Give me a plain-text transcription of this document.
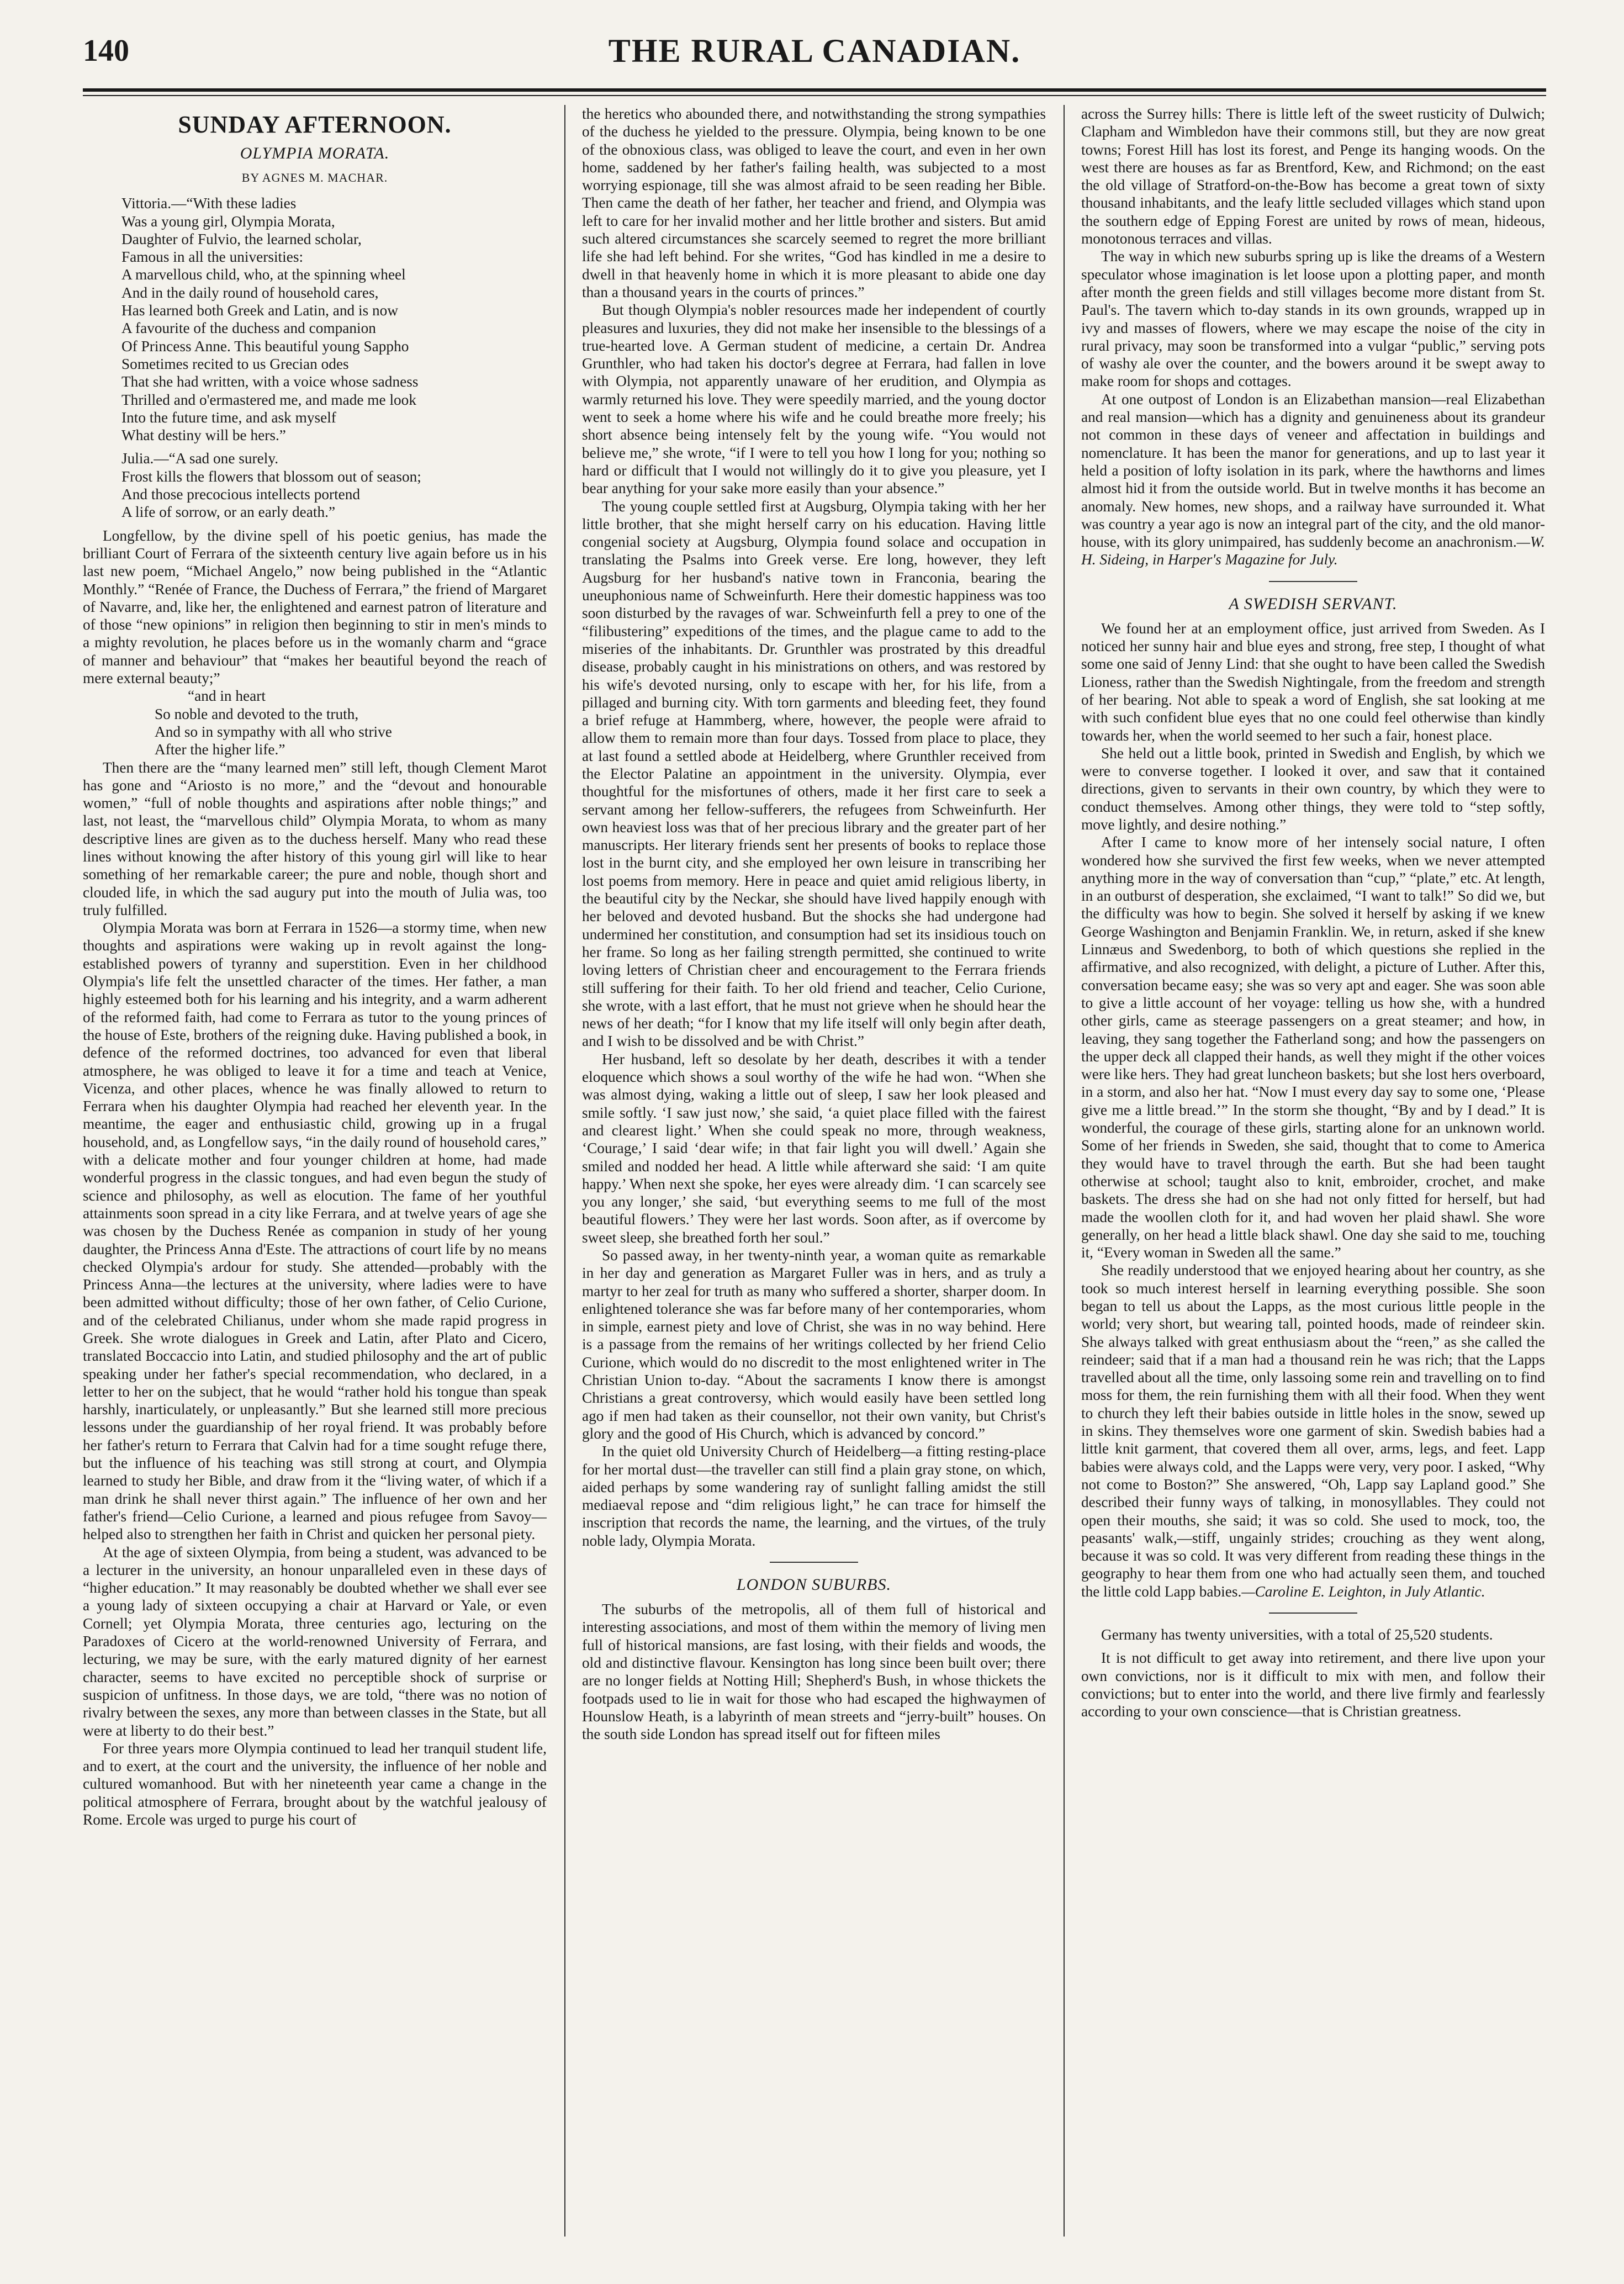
140	THE RURAL CANADIAN.
SUNDAY AFTERNOON.
OLYMPIA MORATA.
BY AGNES M. MACHAR.
Vittoria.—“With these ladies
Was a young girl, Olympia Morata,
Daughter of Fulvio, the learned scholar,
Famous in all the universities:
A marvellous child, who, at the spinning wheel
And in the daily round of household cares,
Has learned both Greek and Latin, and is now
A favourite of the duchess and companion
Of Princess Anne. This beautiful young Sappho
Sometimes recited to us Grecian odes
That she had written, with a voice whose sadness
Thrilled and o'ermastered me, and made me look
Into the future time, and ask myself
What destiny will be hers.”
Julia.—“A sad one surely.
Frost kills the flowers that blossom out of season;
And those precocious intellects portend
A life of sorrow, or an early death.”

Longfellow, by the divine spell of his poetic genius, has made the brilliant Court of Ferrara of the sixteenth century live again before us in his last new poem, “Michael Angelo,” now being published in the “Atlantic Monthly.” “Renée of France, the Duchess of Ferrara,” the friend of Margaret of Navarre, and, like her, the enlightened and earnest patron of literature and of those “new opinions” in religion then beginning to stir in men's minds to a mighty revolution, he places before us in the womanly charm and “grace of manner and behaviour” that “makes her beautiful beyond the reach of mere external beauty;”

“and in heart
So noble and devoted to the truth,
And so in sympathy with all who strive
After the higher life.”

Then there are the “many learned men” still left, though Clement Marot has gone and “Ariosto is no more,” and the “devout and honourable women,” “full of noble thoughts and aspirations after noble things;” and last, not least, the “marvellous child” Olympia Morata, to whom as many descriptive lines are given as to the duchess herself. Many who read these lines without knowing the after history of this young girl will like to hear something of her remarkable career; the pure and noble, though short and clouded life, in which the sad augury put into the mouth of Julia was, too truly fulfilled.

Olympia Morata was born at Ferrara in 1526—a stormy time, when new thoughts and aspirations were waking up in revolt against the long-established powers of tyranny and superstition. Even in her childhood Olympia's life felt the unsettled character of the times. Her father, a man highly esteemed both for his learning and his integrity, and a warm adherent of the reformed faith, had come to Ferrara as tutor to the young princes of the house of Este, brothers of the reigning duke. Having published a book, in defence of the reformed doctrines, too advanced for even that liberal atmosphere, he was obliged to leave it for a time and teach at Venice, Vicenza, and other places, whence he was finally allowed to return to Ferrara when his daughter Olympia had reached her eleventh year. In the meantime, the eager and enthusiastic child, growing up in a frugal household, and, as Longfellow says, “in the daily round of household cares,” with a delicate mother and four younger children at home, had made wonderful progress in the classic tongues, and had even begun the study of science and philosophy, as well as elocution. The fame of her youthful attainments soon spread in a city like Ferrara, and at twelve years of age she was chosen by the Duchess Renée as companion in study of her young daughter, the Princess Anna d'Este. The attractions of court life by no means checked Olympia's ardour for study. She attended—probably with the Princess Anna—the lectures at the university, where ladies were to have been admitted without difficulty; those of her own father, of Celio Curione, and of the celebrated Chilianus, under whom she made rapid progress in Greek. She wrote dialogues in Greek and Latin, after Plato and Cicero, translated Boccaccio into Latin, and studied philosophy and the art of public speaking under her father's special recommendation, who declared, in a letter to her on the subject, that he would “rather hold his tongue than speak harshly, inarticulately, or unpleasantly.” But she learned still more precious lessons under the guardianship of her royal friend. It was probably before her father's return to Ferrara that Calvin had for a time sought refuge there, but the influence of his teaching was still strong at court, and Olympia learned to study her Bible, and draw from it the “living water, of which if a man drink he shall never thirst again.” The influence of her own and her father's friend—Celio Curione, a learned and pious refugee from Savoy—helped also to strengthen her faith in Christ and quicken her personal piety.

At the age of sixteen Olympia, from being a student, was advanced to be a lecturer in the university, an honour unparalleled even in these days of “higher education.” It may reasonably be doubted whether we shall ever see a young lady of sixteen occupying a chair at Harvard or Yale, or even Cornell; yet Olympia Morata, three centuries ago, lecturing on the Paradoxes of Cicero at the world-renowned University of Ferrara, and lecturing, we may be sure, with the early matured dignity of her earnest character, seems to have excited no perceptible shock of surprise or suspicion of unfitness. In those days, we are told, “there was no notion of rivalry between the sexes, any more than between classes in the State, but all were at liberty to do their best.”

For three years more Olympia continued to lead her tranquil student life, and to exert, at the court and the university, the influence of her noble and cultured womanhood. But with her nineteenth year came a change in the political atmosphere of Ferrara, brought about by the watchful jealousy of Rome. Ercole was urged to purge his court of

the heretics who abounded there, and notwithstanding the strong sympathies of the duchess he yielded to the pressure. Olympia, being known to be one of the obnoxious class, was obliged to leave the court, and even in her own home, saddened by her father's failing health, was subjected to a most worrying espionage, till she was almost afraid to be seen reading her Bible. Then came the death of her father, her teacher and friend, and Olympia was left to care for her invalid mother and her little brother and sisters. But amid such altered circumstances she scarcely seemed to regret the more brilliant life she had left behind. For she writes, “God has kindled in me a desire to dwell in that heavenly home in which it is more pleasant to abide one day than a thousand years in the courts of princes.”

But though Olympia's nobler resources made her independent of courtly pleasures and luxuries, they did not make her insensible to the blessings of a true-hearted love. A German student of medicine, a certain Dr. Andrea Grunthler, who had taken his doctor's degree at Ferrara, had fallen in love with Olympia, not apparently unaware of her erudition, and Olympia as warmly returned his love. They were speedily married, and the young doctor went to seek a home where his wife and he could breathe more freely; his short absence being intensely felt by the young wife. “You would not believe me,” she wrote, “if I were to tell you how I long for you; nothing so hard or difficult that I would not willingly do it to give you pleasure, yet I bear anything for your sake more easily than your absence.”

The young couple settled first at Augsburg, Olympia taking with her her little brother, that she might herself carry on his education. Having little congenial society at Augsburg, Olympia found solace and occupation in translating the Psalms into Greek verse. Ere long, however, they left Augsburg for her husband's native town in Franconia, bearing the uneuphonious name of Schweinfurth. Here their domestic happiness was too soon disturbed by the ravages of war. Schweinfurth fell a prey to one of the “filibustering” expeditions of the times, and the plague came to add to the miseries of the inhabitants. Dr. Grunthler was prostrated by this dreadful disease, probably caught in his ministrations on others, and was restored by his wife's devoted nursing, only to escape with her, for his life, from a pillaged and burning city. With torn garments and bleeding feet, they found a brief refuge at Hammberg, where, however, the people were afraid to allow them to remain more than four days. Tossed from place to place, they at last found a settled abode at Heidelberg, where Grunthler received from the Elector Palatine an appointment in the university. Olympia, ever thoughtful for the misfortunes of others, made it her first care to seek a servant among her fellow-sufferers, the refugees from Schweinfurth. Her own heaviest loss was that of her precious library and the greater part of her manuscripts. Her literary friends sent her presents of books to replace those lost in the burnt city, and she employed her own leisure in transcribing her lost poems from memory. Here in peace and quiet amid religious liberty, in the beautiful city by the Neckar, she should have lived happily enough with her beloved and devoted husband. But the shocks she had undergone had undermined her constitution, and consumption had set its insidious touch on her frame. So long as her failing strength permitted, she continued to write loving letters of Christian cheer and encouragement to the Ferrara friends still suffering for their faith. To her old friend and teacher, Celio Curione, she wrote, with a last effort, that he must not grieve when he should hear the news of her death; “for I know that my life itself will only begin after death, and I wish to be dissolved and be with Christ.”

Her husband, left so desolate by her death, describes it with a tender eloquence which shows a soul worthy of the wife he had won. “When she was almost dying, waking a little out of sleep, I saw her look pleased and smile softly. ‘I saw just now,’ she said, ‘a quiet place filled with the fairest and clearest light.’ When she could speak no more, through weakness, ‘Courage,’ I said ‘dear wife; in that fair light you will dwell.’ Again she smiled and nodded her head. A little while afterward she said: ‘I am quite happy.’ When next she spoke, her eyes were already dim. ‘I can scarcely see you any longer,’ she said, ‘but everything seems to me full of the most beautiful flowers.’ They were her last words. Soon after, as if overcome by sweet sleep, she breathed forth her soul.”

So passed away, in her twenty-ninth year, a woman quite as remarkable in her day and generation as Margaret Fuller was in hers, and as truly a martyr to her zeal for truth as many who suffered a shorter, sharper doom. In enlightened tolerance she was far before many of her contemporaries, whom in simple, earnest piety and love of Christ, she was in no way behind. Here is a passage from the remains of her writings collected by her friend Celio Curione, which would do no discredit to the most enlightened writer in The Christian Union to-day. “About the sacraments I know there is amongst Christians a great controversy, which would easily have been settled long ago if men had taken as their counsellor, not their own vanity, but Christ's glory and the good of His Church, which is advanced by concord.”

In the quiet old University Church of Heidelberg—a fitting resting-place for her mortal dust—the traveller can still find a plain gray stone, on which, aided perhaps by some wandering ray of sunlight falling amidst the still mediaeval repose and “dim religious light,” he can trace for himself the inscription that records the name, the learning, and the virtues, of the truly noble lady, Olympia Morata.

LONDON SUBURBS.

The suburbs of the metropolis, all of them full of historical and interesting associations, and most of them within the memory of living men full of historical mansions, are fast losing, with their fields and woods, the old and distinctive flavour. Kensington has long since been built over; there are no longer fields at Notting Hill; Shepherd's Bush, in whose thickets the footpads used to lie in wait for those who had escaped the highwaymen of Hounslow Heath, is a labyrinth of mean streets and “jerry-built” houses. On the south side London has spread itself out for fifteen miles

across the Surrey hills: There is little left of the sweet rusticity of Dulwich; Clapham and Wimbledon have their commons still, but they are now great towns; Forest Hill has lost its forest, and Penge its hanging woods. On the west there are houses as far as Brentford, Kew, and Richmond; on the east the old village of Stratford-on-the-Bow has become a great town of sixty thousand inhabitants, and the leafy little secluded villages which stand upon the southern edge of Epping Forest are united by rows of mean, hideous, monotonous terraces and villas.

The way in which new suburbs spring up is like the dreams of a Western speculator whose imagination is let loose upon a plotting paper, and month after month the green fields and still villages become more distant from St. Paul's. The tavern which to-day stands in its own grounds, wrapped up in ivy and masses of flowers, where we may escape the noise of the city in rural privacy, may soon be transformed into a vulgar “public,” serving pots of washy ale over the counter, and the bowers around it be swept away to make room for shops and cottages.

At one outpost of London is an Elizabethan mansion—real Elizabethan and real mansion—which has a dignity and genuineness about its grandeur not common in these days of veneer and affectation in buildings and nomenclature. It has been the manor for generations, and up to last year it held a position of lofty isolation in its park, where the hawthorns and limes almost hid it from the outside world. But in twelve months it has become an anomaly. New homes, new shops, and a railway have surrounded it. What was country a year ago is now an integral part of the city, and the old manor-house, with its glory unimpaired, has suddenly become an anachronism.—W. H. Sideing, in Harper's Magazine for July.

A SWEDISH SERVANT.

We found her at an employment office, just arrived from Sweden. As I noticed her sunny hair and blue eyes and strong, free step, I thought of what some one said of Jenny Lind: that she ought to have been called the Swedish Lioness, rather than the Swedish Nightingale, from the freedom and strength of her bearing. Not able to speak a word of English, she sat looking at me with such confident blue eyes that no one could feel otherwise than kindly towards her, when the world seemed to her such a fair, honest place.

She held out a little book, printed in Swedish and English, by which we were to converse together. I looked it over, and saw that it contained directions, given to servants in their own country, by which they were to conduct themselves. Among other things, they were told to “step softly, move lightly, and desire nothing.”

After I came to know more of her intensely social nature, I often wondered how she survived the first few weeks, when we never attempted anything more in the way of conversation than “cup,” “plate,” etc. At length, in an outburst of desperation, she exclaimed, “I want to talk!” So did we, but the difficulty was how to begin. She solved it herself by asking if we knew George Washington and Benjamin Franklin. We, in return, asked if she knew Linnæus and Swedenborg, to both of which questions she replied in the affirmative, and also recognized, with delight, a picture of Luther. After this, conversation became easy; she was so very apt and eager. She was soon able to give a little account of her voyage: telling us how she, with a hundred other girls, came as steerage passengers on a great steamer; and how, in leaving, they sang together the Fatherland song; and how the passengers on the upper deck all clapped their hands, as well they might if the other voices were like hers. They had great luncheon baskets; but she lost hers overboard, in a storm, and also her hat. “Now I must every day say to some one, ‘Please give me a little bread.’” In the storm she thought, “By and by I dead.” It is wonderful, the courage of these girls, starting alone for an unknown world. Some of her friends in Sweden, she said, thought that to come to America they would have to travel through the earth. But she had been taught otherwise at school; taught also to knit, embroider, crochet, and make baskets. The dress she had on she had not only fitted for herself, but had made the woollen cloth for it, and had woven her plaid shawl. She wore generally, on her head a little black shawl. One day she said to me, touching it, “Every woman in Sweden all the same.”

She readily understood that we enjoyed hearing about her country, as she took so much interest herself in learning everything possible. She soon began to tell us about the Lapps, as the most curious little people in the world; very short, but wearing tall, pointed hoods, made of reindeer skin. She always talked with great enthusiasm about the “reen,” as she called the reindeer; said that if a man had a thousand rein he was rich; that the Lapps travelled about all the time, only lassoing some rein and travelling on to find moss for them, the rein furnishing them with all their food. When they went to church they left their babies outside in little holes in the snow, sewed up in skins. They themselves wore one garment of skin. Swedish babies had a little knit garment, that covered them all over, arms, legs, and feet. Lapp babies were always cold, and the Lapps were very, very poor. I asked, “Why not come to Boston?” She answered, “Oh, Lapp say Lapland good.” She described their funny ways of talking, in monosyllables. They could not open their mouths, she said; it was so cold. She used to mock, too, the peasants' walk,—stiff, ungainly strides; crouching as they went along, because it was so cold. It was very different from reading these things in the geography to hear them from one who had actually seen them, and touched the little cold Lapp babies.—Caroline E. Leighton, in July Atlantic.

Germany has twenty universities, with a total of 25,520 students.

It is not difficult to get away into retirement, and there live upon your own convictions, nor is it difficult to mix with men, and follow their convictions; but to enter into the world, and there live firmly and fearlessly according to your own conscience—that is Christian greatness.
